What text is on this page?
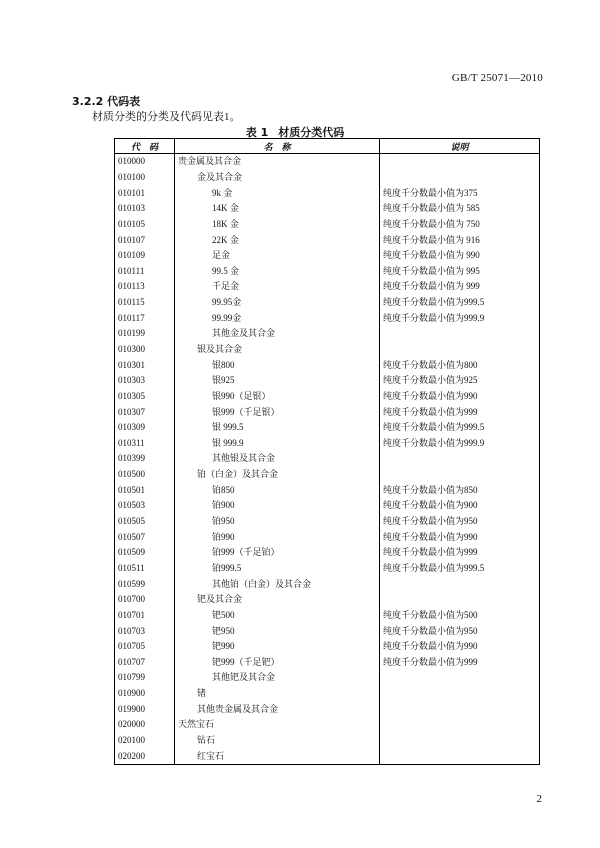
GB/T 25071—2010
3.2.2 代码表
材质分类的分类及代码见表1。
表 1 材质分类代码
代　码	名　称	说明
010000	贵金属及其合金	
010100	金及其合金	
010101	9k 金	纯度千分数最小值为375
010103	14K 金	纯度千分数最小值为 585
010105	18K 金	纯度千分数最小值为 750
010107	22K 金	纯度千分数最小值为 916
010109	足金	纯度千分数最小值为 990
010111	99.5 金	纯度千分数最小值为 995
010113	千足金	纯度千分数最小值为 999
010115	99.95金	纯度千分数最小值为999.5
010117	99.99金	纯度千分数最小值为999.9
010199	其他金及其合金	
010300	银及其合金	
010301	银800	纯度千分数最小值为800
010303	银925	纯度千分数最小值为925
010305	银990（足银）	纯度千分数最小值为990
010307	银999（千足银）	纯度千分数最小值为999
010309	银 999.5	纯度千分数最小值为999.5
010311	银 999.9	纯度千分数最小值为999.9
010399	其他银及其合金	
010500	铂（白金）及其合金	
010501	铂850	纯度千分数最小值为850
010503	铂900	纯度千分数最小值为900
010505	铂950	纯度千分数最小值为950
010507	铂990	纯度千分数最小值为990
010509	铂999（千足铂）	纯度千分数最小值为999
010511	铂999.5	纯度千分数最小值为999.5
010599	其他铂（白金）及其合金	
010700	钯及其合金	
010701	钯500	纯度千分数最小值为500
010703	钯950	纯度千分数最小值为950
010705	钯990	纯度千分数最小值为990
010707	钯999（千足钯）	纯度千分数最小值为999
010799	其他钯及其合金	
010900	锗	
019900	其他贵金属及其合金	
020000	天然宝石	
020100	钻石	
020200	红宝石	
2
